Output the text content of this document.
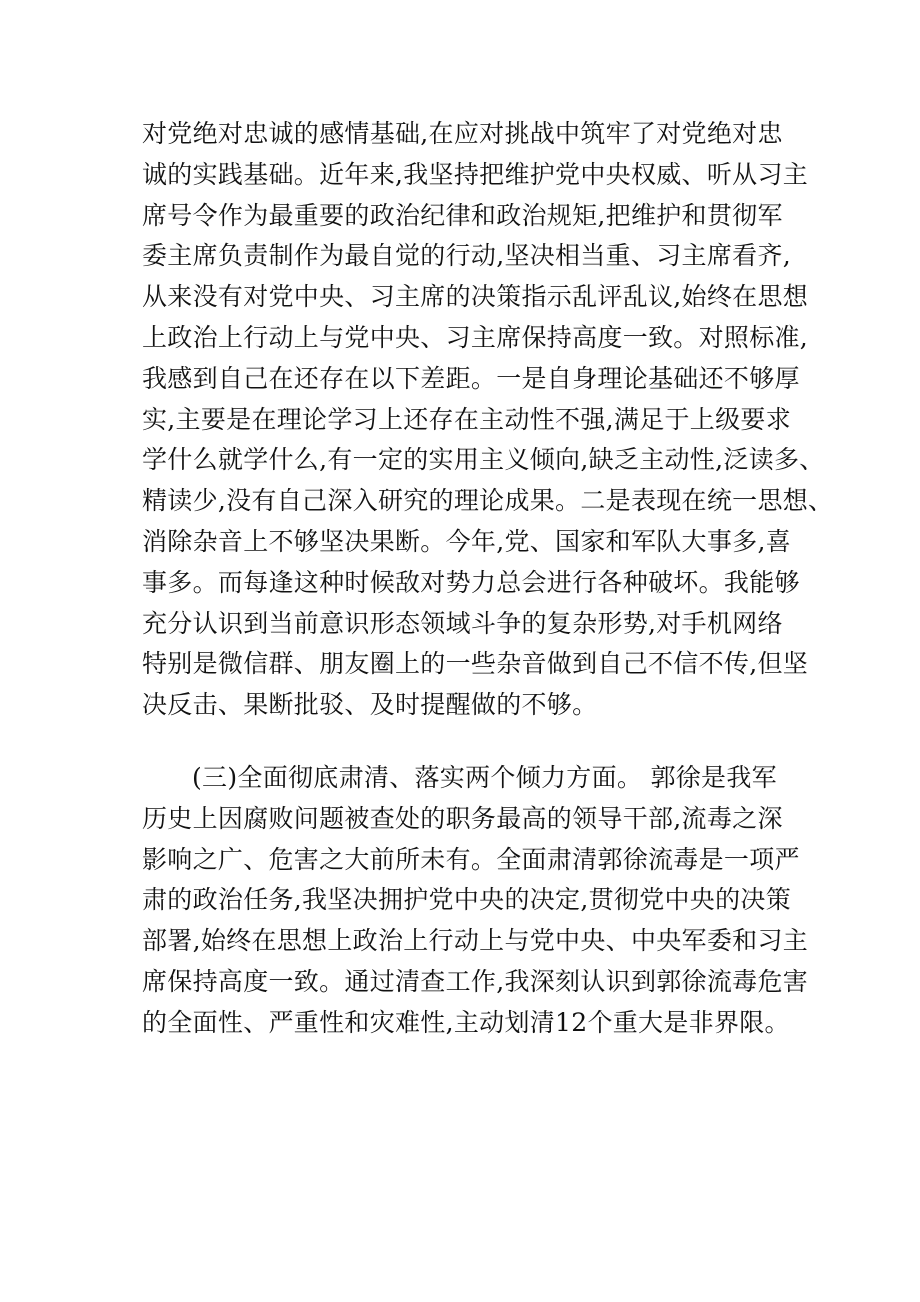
对党绝对忠诚的感情基础,在应对挑战中筑牢了对党绝对忠
诚的实践基础。近年来,我坚持把维护党中央权威、听从习主
席号令作为最重要的政治纪律和政治规矩,把维护和贯彻军
委主席负责制作为最自觉的行动,坚决相当重、习主席看齐,
从来没有对党中央、习主席的决策指示乱评乱议,始终在思想
上政治上行动上与党中央、习主席保持高度一致。对照标准,
我感到自己在还存在以下差距。一是自身理论基础还不够厚
实,主要是在理论学习上还存在主动性不强,满足于上级要求
学什么就学什么,有一定的实用主义倾向,缺乏主动性,泛读多、
精读少,没有自己深入研究的理论成果。二是表现在统一思想、
消除杂音上不够坚决果断。今年,党、国家和军队大事多,喜
事多。而每逢这种时候敌对势力总会进行各种破坏。我能够
充分认识到当前意识形态领域斗争的复杂形势,对手机网络
特别是微信群、朋友圈上的一些杂音做到自己不信不传,但坚
决反击、果断批驳、及时提醒做的不够。
(三)全面彻底肃清、落实两个倾力方面。 郭徐是我军
历史上因腐败问题被查处的职务最高的领导干部,流毒之深
影响之广、危害之大前所未有。全面肃清郭徐流毒是一项严
肃的政治任务,我坚决拥护党中央的决定,贯彻党中央的决策
部署,始终在思想上政治上行动上与党中央、中央军委和习主
席保持高度一致。通过清查工作,我深刻认识到郭徐流毒危害
的全面性、严重性和灾难性,主动划清12个重大是非界限。
